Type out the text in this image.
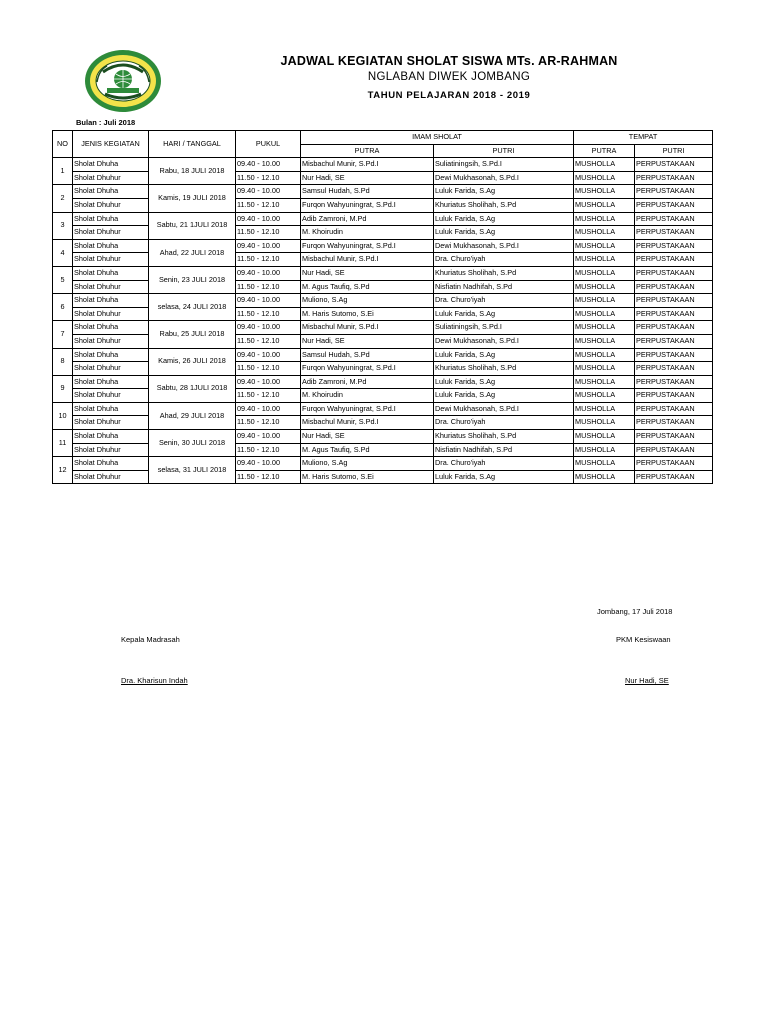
JADWAL KEGIATAN SHOLAT SISWA MTs. AR-RAHMAN
NGLABAN DIWEK JOMBANG
TAHUN PELAJARAN 2018 - 2019
Bulan : Juli 2018
NO	JENIS KEGIATAN	HARI / TANGGAL	PUKUL	IMAM SHOLAT		TEMPAT	
				PUTRA	PUTRI	PUTRA	PUTRI
1	Sholat Dhuha	Rabu, 18 JULI 2018	09.40 - 10.00	Misbachul Munir, S.Pd.I	Suliatiningsih, S.Pd.I	MUSHOLLA	PERPUSTAKAAN
	Sholat Dhuhur		11.50 - 12.10	Nur Hadi, SE	Dewi Mukhasonah, S.Pd.I	MUSHOLLA	PERPUSTAKAAN
2	Sholat Dhuha	Kamis, 19 JULI 2018	09.40 - 10.00	Samsul Hudah, S.Pd	Luluk Farida, S.Ag	MUSHOLLA	PERPUSTAKAAN
	Sholat Dhuhur		11.50 - 12.10	Furqon Wahyuningrat, S.Pd.I	Khuriatus Sholihah, S.Pd	MUSHOLLA	PERPUSTAKAAN
3	Sholat Dhuha	Sabtu, 21 1JULI 2018	09.40 - 10.00	Adib Zamroni, M.Pd	Luluk Farida, S.Ag	MUSHOLLA	PERPUSTAKAAN
	Sholat Dhuhur		11.50 - 12.10	M. Khoirudin	Luluk Farida, S.Ag	MUSHOLLA	PERPUSTAKAAN
4	Sholat Dhuha	Ahad, 22 JULI 2018	09.40 - 10.00	Furqon Wahyuningrat, S.Pd.I	Dewi Mukhasonah, S.Pd.I	MUSHOLLA	PERPUSTAKAAN
	Sholat Dhuhur		11.50 - 12.10	Misbachul Munir, S.Pd.I	Dra. Churo'iyah	MUSHOLLA	PERPUSTAKAAN
5	Sholat Dhuha	Senin, 23 JULI 2018	09.40 - 10.00	Nur Hadi, SE	Khuriatus Sholihah, S.Pd	MUSHOLLA	PERPUSTAKAAN
	Sholat Dhuhur		11.50 - 12.10	M. Agus Taufiq, S.Pd	Nisfiatin Nadhifah, S.Pd	MUSHOLLA	PERPUSTAKAAN
6	Sholat Dhuha	selasa, 24 JULI 2018	09.40 - 10.00	Muliono, S.Ag	Dra. Churo'iyah	MUSHOLLA	PERPUSTAKAAN
	Sholat Dhuhur		11.50 - 12.10	M. Haris Sutomo, S.Ei	Luluk Farida, S.Ag	MUSHOLLA	PERPUSTAKAAN
7	Sholat Dhuha	Rabu, 25 JULI 2018	09.40 - 10.00	Misbachul Munir, S.Pd.I	Suliatiningsih, S.Pd.I	MUSHOLLA	PERPUSTAKAAN
	Sholat Dhuhur		11.50 - 12.10	Nur Hadi, SE	Dewi Mukhasonah, S.Pd.I	MUSHOLLA	PERPUSTAKAAN
8	Sholat Dhuha	Kamis, 26 JULI 2018	09.40 - 10.00	Samsul Hudah, S.Pd	Luluk Farida, S.Ag	MUSHOLLA	PERPUSTAKAAN
	Sholat Dhuhur		11.50 - 12.10	Furqon Wahyuningrat, S.Pd.I	Khuriatus Sholihah, S.Pd	MUSHOLLA	PERPUSTAKAAN
9	Sholat Dhuha	Sabtu, 28 1JULI 2018	09.40 - 10.00	Adib Zamroni, M.Pd	Luluk Farida, S.Ag	MUSHOLLA	PERPUSTAKAAN
	Sholat Dhuhur		11.50 - 12.10	M. Khoirudin	Luluk Farida, S.Ag	MUSHOLLA	PERPUSTAKAAN
10	Sholat Dhuha	Ahad, 29 JULI 2018	09.40 - 10.00	Furqon Wahyuningrat, S.Pd.I	Dewi Mukhasonah, S.Pd.I	MUSHOLLA	PERPUSTAKAAN
	Sholat Dhuhur		11.50 - 12.10	Misbachul Munir, S.Pd.I	Dra. Churo'iyah	MUSHOLLA	PERPUSTAKAAN
11	Sholat Dhuha	Senin, 30 JULI 2018	09.40 - 10.00	Nur Hadi, SE	Khuriatus Sholihah, S.Pd	MUSHOLLA	PERPUSTAKAAN
	Sholat Dhuhur		11.50 - 12.10	M. Agus Taufiq, S.Pd	Nisfiatin Nadhifah, S.Pd	MUSHOLLA	PERPUSTAKAAN
12	Sholat Dhuha	selasa, 31 JULI 2018	09.40 - 10.00	Muliono, S.Ag	Dra. Churo'iyah	MUSHOLLA	PERPUSTAKAAN
	Sholat Dhuhur		11.50 - 12.10	M. Haris Sutomo, S.Ei	Luluk Farida, S.Ag	MUSHOLLA	PERPUSTAKAAN
Jombang, 17 Juli 2018
Kepala Madrasah	PKM Kesiswaan
Dra. Kharisun Indah	Nur Hadi, SE
